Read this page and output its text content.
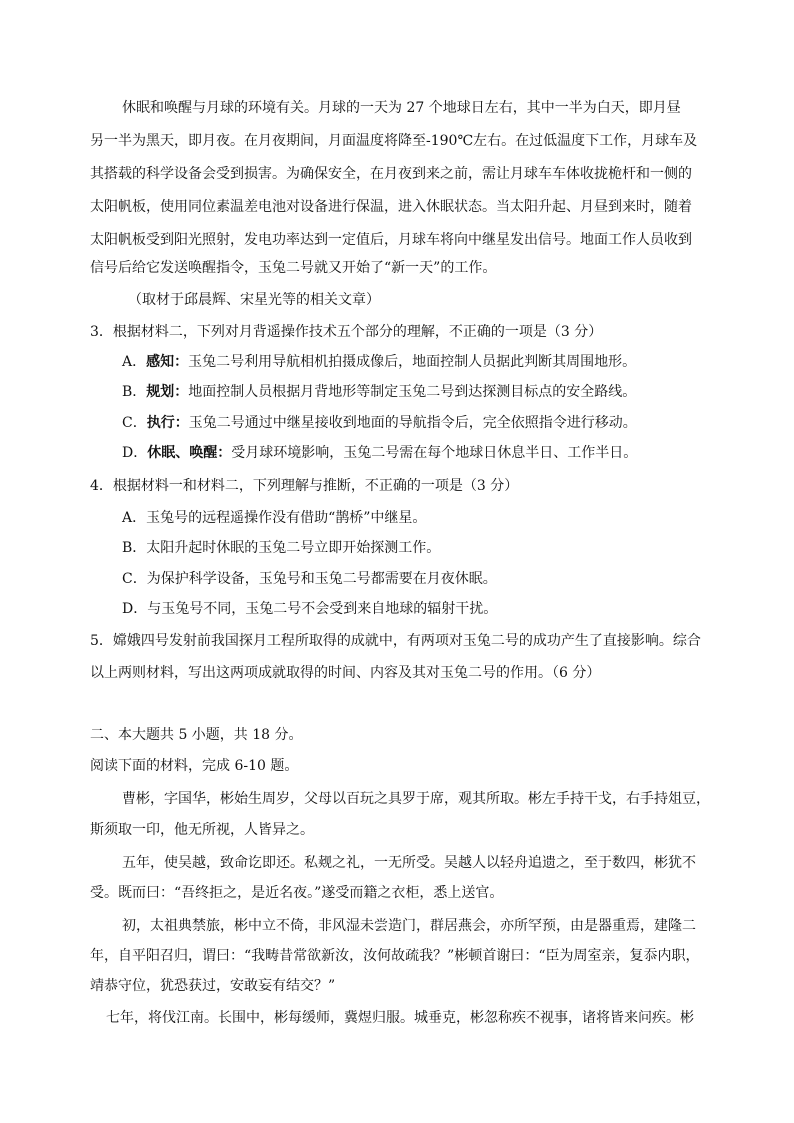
休眠和唤醒与月球的环境有关。月球的一天为 27 个地球日左右，其中一半为白天，即月昼
另一半为黑天，即月夜。在月夜期间，月面温度将降至-190℃左右。在过低温度下工作，月球车及
其搭载的科学设备会受到损害。为确保安全，在月夜到来之前，需让月球车车体收拢桅杆和一侧的
太阳帆板，使用同位素温差电池对设备进行保温，进入休眠状态。当太阳升起、月昼到来时，随着
太阳帆板受到阳光照射，发电功率达到一定值后，月球车将向中继星发出信号。地面工作人员收到
信号后给它发送唤醒指令，玉兔二号就又开始了“新一天”的工作。
（取材于邱晨辉、宋星光等的相关文章）
3．根据材料二，下列对月背遥操作技术五个部分的理解，不正确的一项是（3 分）
A．感知：玉兔二号利用导航相机拍摄成像后，地面控制人员据此判断其周围地形。
B．规划：地面控制人员根据月背地形等制定玉兔二号到达探测目标点的安全路线。
C．执行：玉兔二号通过中继星接收到地面的导航指令后，完全依照指令进行移动。
D．休眠、唤醒：受月球环境影响，玉兔二号需在每个地球日休息半日、工作半日。
4．根据材料一和材料二，下列理解与推断，不正确的一项是（3 分）
A．玉兔号的远程遥操作没有借助“鹊桥”中继星。
B．太阳升起时休眠的玉兔二号立即开始探测工作。
C．为保护科学设备，玉兔号和玉兔二号都需要在月夜休眠。
D．与玉兔号不同，玉兔二号不会受到来自地球的辐射干扰。
5．嫦娥四号发射前我国探月工程所取得的成就中，有两项对玉兔二号的成功产生了直接影响。综合
以上两则材料，写出这两项成就取得的时间、内容及其对玉兔二号的作用。（6 分）
二、本大题共 5 小题，共 18 分。
阅读下面的材料，完成 6-10 题。
曹彬，字国华，彬始生周岁，父母以百玩之具罗于席，观其所取。彬左手持干戈，右手持俎豆，
斯须取一印，他无所视，人皆异之。
五年，使吴越，致命讫即还。私觌之礼，一无所受。吴越人以轻舟追遗之，至于数四，彬犹不
受。既而曰：“吾终拒之，是近名夜。”遂受而籍之衣柜，悉上送官。
初，太祖典禁旅，彬中立不倚，非风湿未尝造门，群居燕会，亦所罕预，由是器重焉，建隆二
年，自平阳召归，谓曰：“我畴昔常欲新汝，汝何故疏我？”彬顿首谢曰：“臣为周室亲，复忝内职，
靖恭守位，犹恐获过，安敢妄有结交？”
七年，将伐江南。长围中，彬每缓师，冀煜归服。城垂克，彬忽称疾不视事，诸将皆来问疾。彬
